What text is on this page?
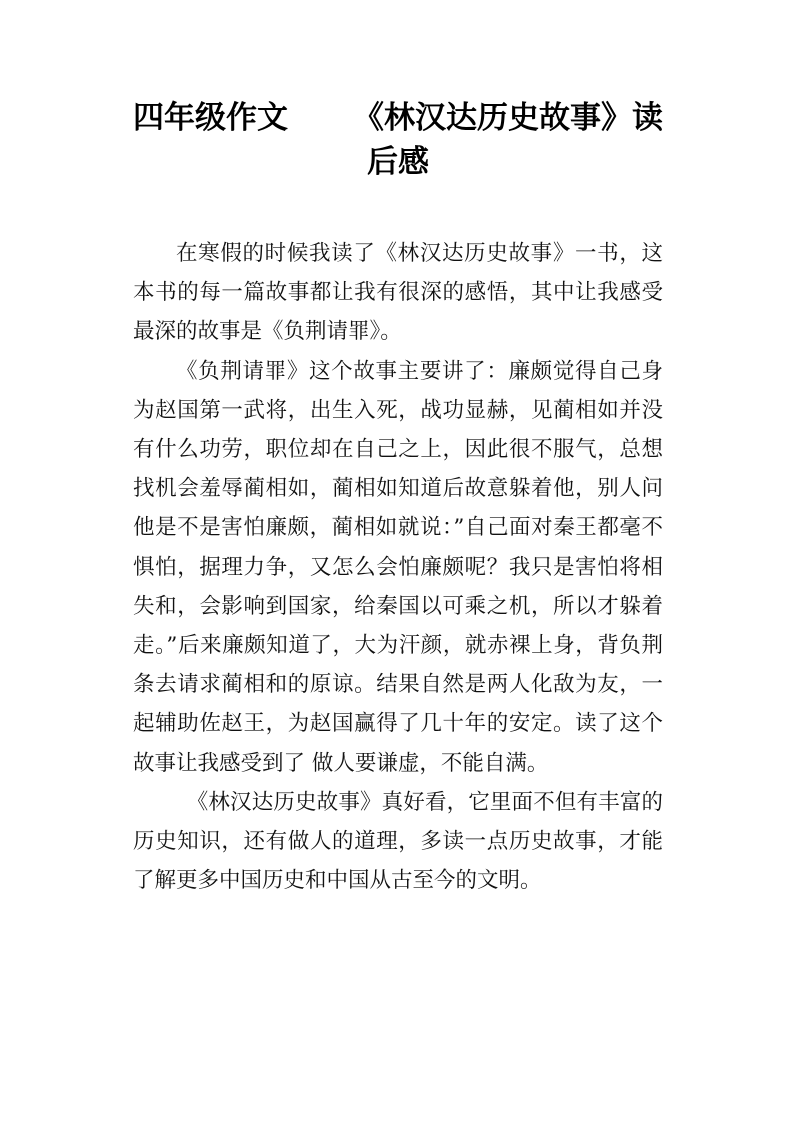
四年级作文 《林汉达历史故事》读
后感

在寒假的时候我读了《林汉达历史故事》一书，这本书的每一篇故事都让我有很深的感悟，其中让我感受最深的故事是《负荆请罪》。

《负荆请罪》这个故事主要讲了：廉颇觉得自己身为赵国第一武将，出生入死，战功显赫，见蔺相如并没有什么功劳，职位却在自己之上，因此很不服气，总想找机会羞辱蔺相如，蔺相如知道后故意躲着他，别人问他是不是害怕廉颇，蔺相如就说：”自己面对秦王都毫不惧怕，据理力争，又怎么会怕廉颇呢？我只是害怕将相失和，会影响到国家，给秦国以可乘之机，所以才躲着走。”后来廉颇知道了，大为汗颜，就赤裸上身，背负荆条去请求蔺相和的原谅。结果自然是两人化敌为友，一起辅助佐赵王，为赵国赢得了几十年的安定。读了这个故事让我感受到了 做人要谦虚，不能自满。

《林汉达历史故事》真好看，它里面不但有丰富的历史知识，还有做人的道理，多读一点历史故事，才能了解更多中国历史和中国从古至今的文明。
